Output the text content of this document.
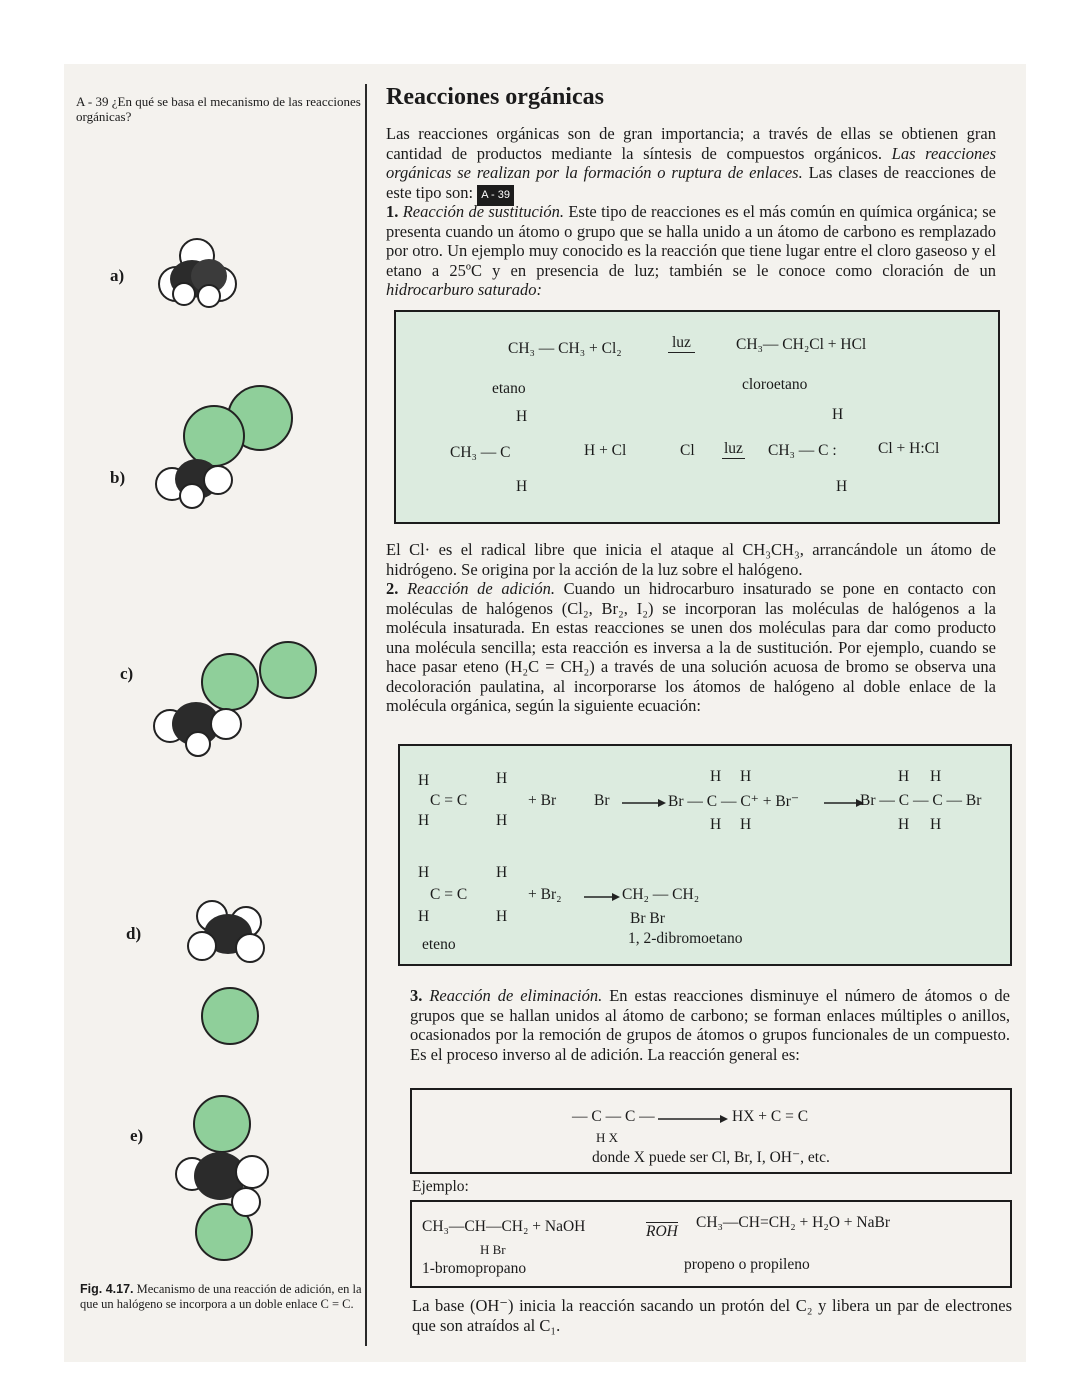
A - 39 ¿En qué se basa el mecanismo de las reacciones orgánicas?
a)
b)
c)
d)
e)
Fig. 4.17. Mecanismo de una reacción de adición, en la que un halógeno se incorpora a un doble enlace C = C.
Reacciones orgánicas

Las reacciones orgánicas son de gran importancia; a través de ellas se obtienen gran cantidad de productos mediante la síntesis de compuestos orgánicos. Las reacciones orgánicas se realizan por la formación o ruptura de enlaces. Las clases de reacciones de este tipo son: A - 39

1. Reacción de sustitución. Este tipo de reacciones es el más común en química orgánica; se presenta cuando un átomo o grupo que se halla unido a un átomo de carbono es remplazado por otro. Un ejemplo muy conocido es la reacción que tiene lugar entre el cloro gaseoso y el etano a 25ºC y en presencia de luz; también se le conoce como cloración de un hidrocarburo saturado:

CH₃ — CH₃ + Cl₂	luz	CH₃— CH₂Cl + HCl
etano	cloroetano
H
CH₃ — C
H
H + Cl	Cl luz CH₃ — C :
H
H
Cl + H:Cl

El Cl· es el radical libre que inicia el ataque al CH₃CH₃, arrancándole un átomo de hidrógeno. Se origina por la acción de la luz sobre el halógeno.

2. Reacción de adición. Cuando un hidrocarburo insaturado se pone en contacto con moléculas de halógenos (Cl₂, Br₂, I₂) se incorporan las moléculas de halógenos a la molécula insaturada. En estas reacciones se unen dos moléculas para dar como producto una molécula sencilla; esta reacción es inversa a la de sustitución. Por ejemplo, cuando se hace pasar eteno (H₂C = CH₂) a través de una solución acuosa de bromo se observa una decoloración paulatina, al incorporarse los átomos de halógeno al doble enlace de la molécula orgánica, según la siguiente ecuación:

H	H
C = C
H	H
+ Br Br
H H
Br — C — C⁺ + Br⁻
H H
H H
Br — C — C — Br
H H
H	H
C = C
H	H
+ Br₂	CH₂ — CH₂
Br Br
eteno	1, 2-dibromoetano

3. Reacción de eliminación. En estas reacciones disminuye el número de átomos o de grupos que se hallan unidos al átomo de carbono; se forman enlaces múltiples o anillos, ocasionados por la remoción de grupos de átomos o grupos funcionales de un compuesto. Es el proceso inverso al de adición. La reacción general es:

— C — C —
H X
HX + C = C
donde X puede ser Cl, Br, I, OH⁻, etc.
Ejemplo:
CH₃—CH—CH₂ + NaOH	ROH
CH₃—CH=CH₂ + H₂O + NaBr
H Br
1-bromopropano	propeno o propileno

La base (OH⁻) inicia la reacción sacando un protón del C₂ y libera un par de electrones que son atraídos al C₁.
